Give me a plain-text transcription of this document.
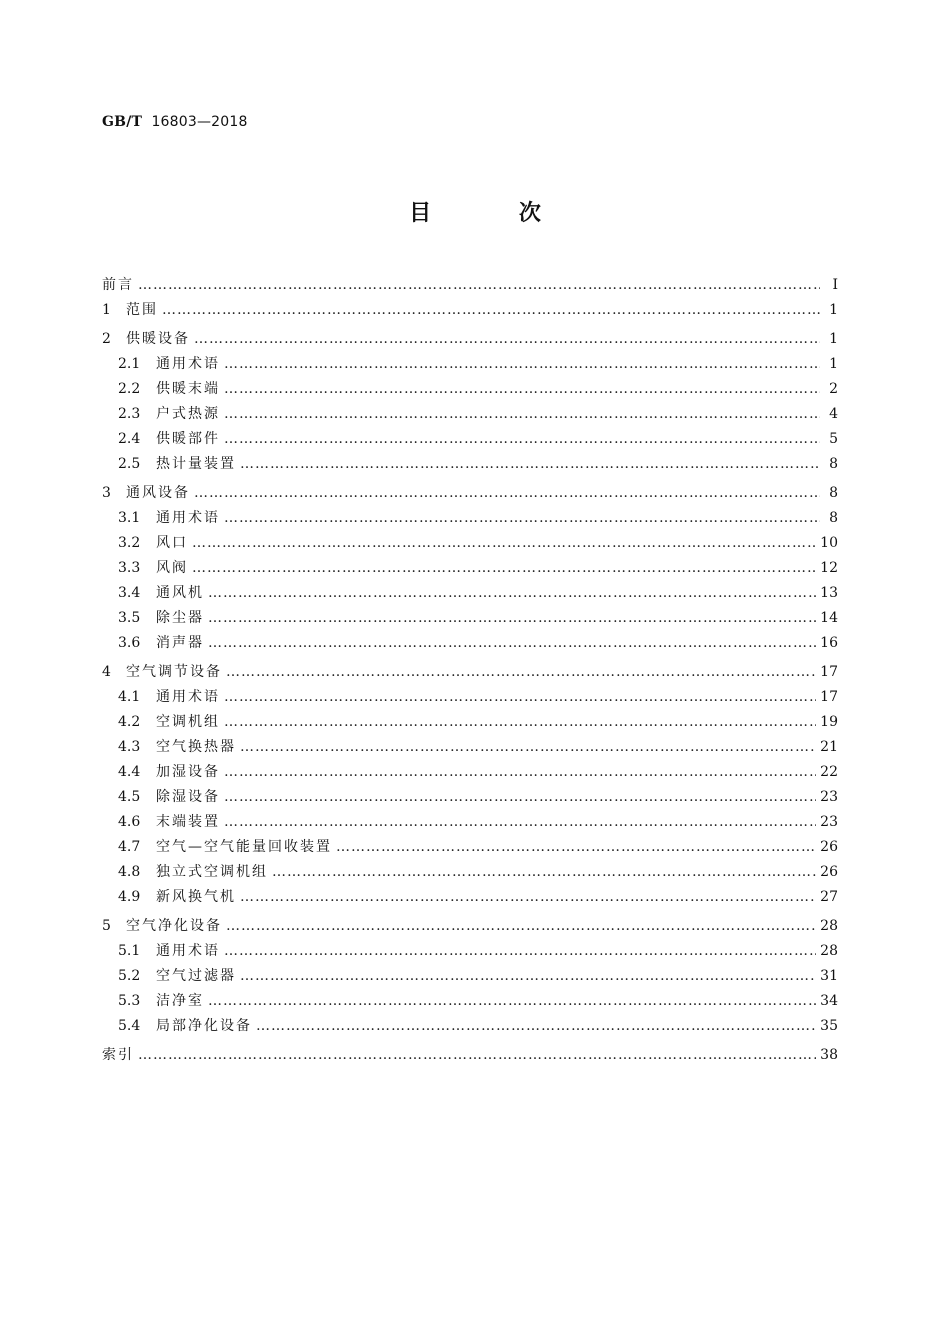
GB/T 16803—2018
目 次
前言 …………………………………………………………………………………………………………………………………………………………………………………………………	Ⅰ
1	范围 …………………………………………………………………………………………………………………………………………………………………………………………………	1
2	供暖设备 …………………………………………………………………………………………………………………………………………………………………………………………………	1
2.1	通用术语 …………………………………………………………………………………………………………………………………………………………………………………………………	1
2.2	供暖末端 …………………………………………………………………………………………………………………………………………………………………………………………………	2
2.3	户式热源 …………………………………………………………………………………………………………………………………………………………………………………………………	4
2.4	供暖部件 …………………………………………………………………………………………………………………………………………………………………………………………………	5
2.5	热计量装置 …………………………………………………………………………………………………………………………………………………………………………………………………	8
3	通风设备 …………………………………………………………………………………………………………………………………………………………………………………………………	8
3.1	通用术语 …………………………………………………………………………………………………………………………………………………………………………………………………	8
3.2	风口 …………………………………………………………………………………………………………………………………………………………………………………………………	10
3.3	风阀 …………………………………………………………………………………………………………………………………………………………………………………………………	12
3.4	通风机 …………………………………………………………………………………………………………………………………………………………………………………………………	13
3.5	除尘器 …………………………………………………………………………………………………………………………………………………………………………………………………	14
3.6	消声器 …………………………………………………………………………………………………………………………………………………………………………………………………	16
4	空气调节设备 …………………………………………………………………………………………………………………………………………………………………………………………………	17
4.1	通用术语 …………………………………………………………………………………………………………………………………………………………………………………………………	17
4.2	空调机组 …………………………………………………………………………………………………………………………………………………………………………………………………	19
4.3	空气换热器 …………………………………………………………………………………………………………………………………………………………………………………………………	21
4.4	加湿设备 …………………………………………………………………………………………………………………………………………………………………………………………………	22
4.5	除湿设备 …………………………………………………………………………………………………………………………………………………………………………………………………	23
4.6	末端装置 …………………………………………………………………………………………………………………………………………………………………………………………………	23
4.7	空气—空气能量回收装置 …………………………………………………………………………………………………………………………………………………………………………………………………	26
4.8	独立式空调机组 …………………………………………………………………………………………………………………………………………………………………………………………………	26
4.9	新风换气机 …………………………………………………………………………………………………………………………………………………………………………………………………	27
5	空气净化设备 …………………………………………………………………………………………………………………………………………………………………………………………………	28
5.1	通用术语 …………………………………………………………………………………………………………………………………………………………………………………………………	28
5.2	空气过滤器 …………………………………………………………………………………………………………………………………………………………………………………………………	31
5.3	洁净室 …………………………………………………………………………………………………………………………………………………………………………………………………	34
5.4	局部净化设备 …………………………………………………………………………………………………………………………………………………………………………………………………	35
索引 …………………………………………………………………………………………………………………………………………………………………………………………………	38
